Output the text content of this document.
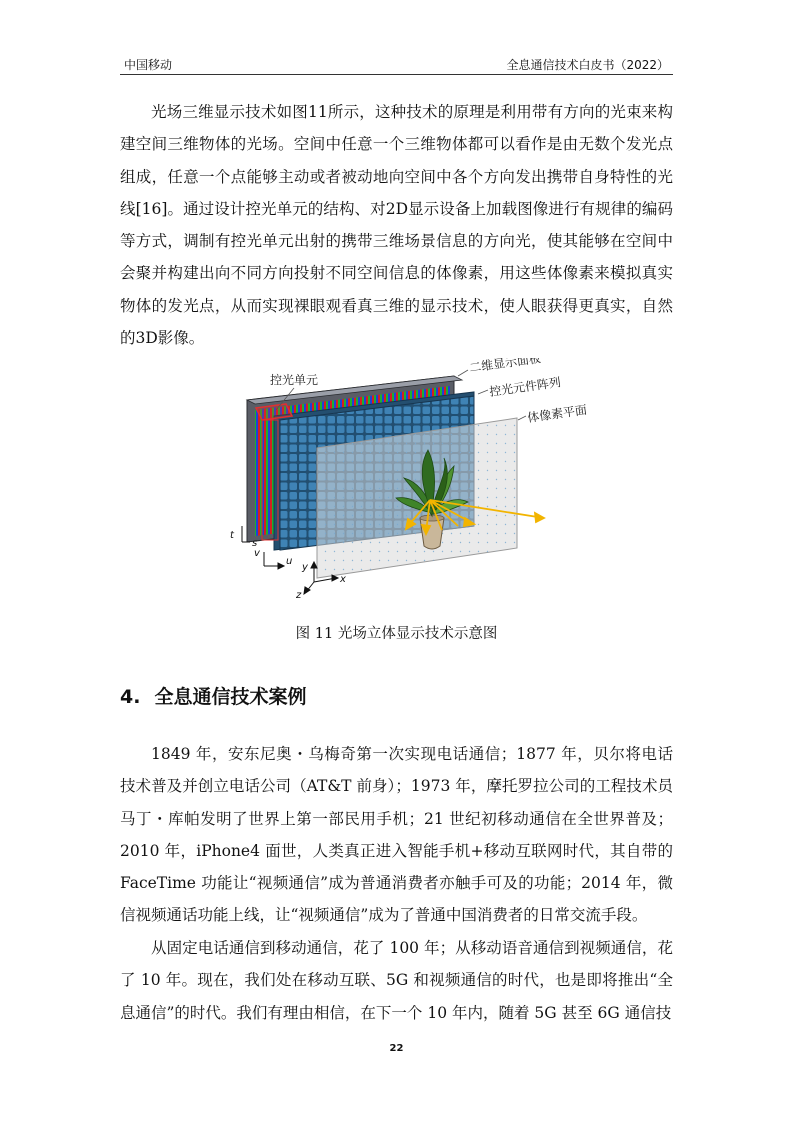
中国移动	全息通信技术白皮书（2022）

光场三维显示技术如图11所示，这种技术的原理是利用带有方向的光束来构建空间三维物体的光场。空间中任意一个三维物体都可以看作是由无数个发光点组成，任意一个点能够主动或者被动地向空间中各个方向发出携带自身特性的光线[16]。通过设计控光单元的结构、对2D显示设备上加载图像进行有规律的编码等方式，调制有控光单元出射的携带三维场景信息的方向光，使其能够在空间中会聚并构建出向不同方向投射不同空间信息的体像素，用这些体像素来模拟真实物体的发光点，从而实现裸眼观看真三维的显示技术，使人眼获得更真实，自然的3D影像。

控光单元
二维显示面板
控光元件阵列
体像素平面
t
s
v
u
y
x
z
图 11 光场立体显示技术示意图
4. 全息通信技术案例

1849 年，安东尼奥・乌梅奇第一次实现电话通信；1877 年，贝尔将电话技术普及并创立电话公司（AT&T 前身）；1973 年，摩托罗拉公司的工程技术员马丁・库帕发明了世界上第一部民用手机；21 世纪初移动通信在全世界普及；2010 年，iPhone4 面世，人类真正进入智能手机+移动互联网时代，其自带的 FaceTime 功能让“视频通信”成为普通消费者亦触手可及的功能；2014 年，微信视频通话功能上线，让“视频通信”成为了普通中国消费者的日常交流手段。

从固定电话通信到移动通信，花了 100 年；从移动语音通信到视频通信，花了 10 年。现在，我们处在移动互联、5G 和视频通信的时代，也是即将推出“全息通信”的时代。我们有理由相信，在下一个 10 年内，随着 5G 甚至 6G 通信技

22
